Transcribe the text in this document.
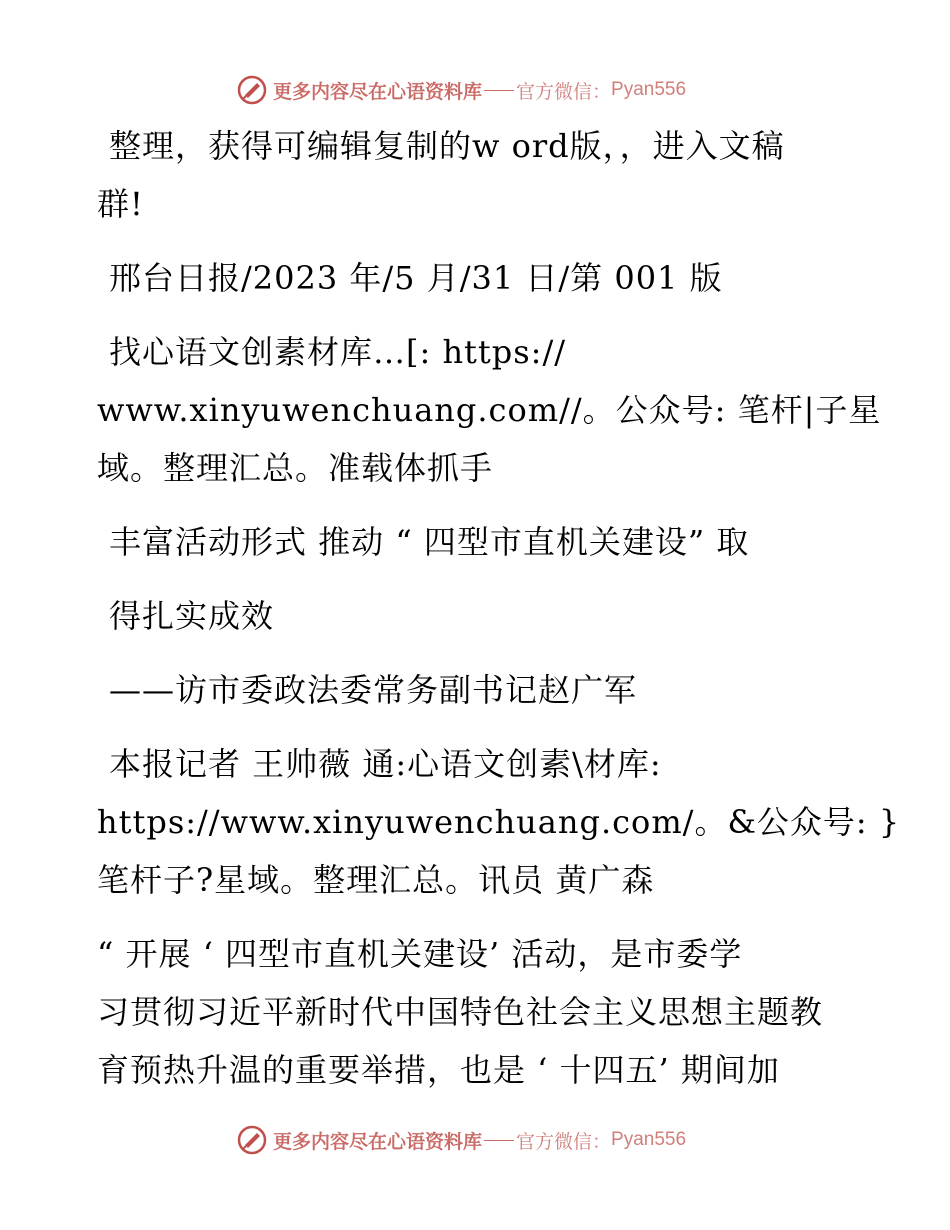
更多内容尽在心语资料库 官方微信： Pyan556
整理，获得可编辑复制的w ord版，，进入文稿
群!
邢台日报/2023 年/5 月/31 日/第 001 版
找心语文创素材库…[: https://
www.xinyuwenchuang.com//。公众号: 笔杆|子星
域。整理汇总。准载体抓手
丰富活动形式 推动 “ 四型市直机关建设” 取
得扎实成效
——访市委政法委常务副书记赵广军
本报记者 王帅薇 通:心语文创素\材库:
https://www.xinyuwenchuang.com/。&公众号: }
笔杆子?星域。整理汇总。讯员 黄广森
“ 开展 ‘ 四型市直机关建设’ 活动，是市委学
习贯彻习近平新时代中国特色社会主义思想主题教
育预热升温的重要举措，也是 ‘ 十四五’ 期间加
更多内容尽在心语资料库 官方微信： Pyan556
